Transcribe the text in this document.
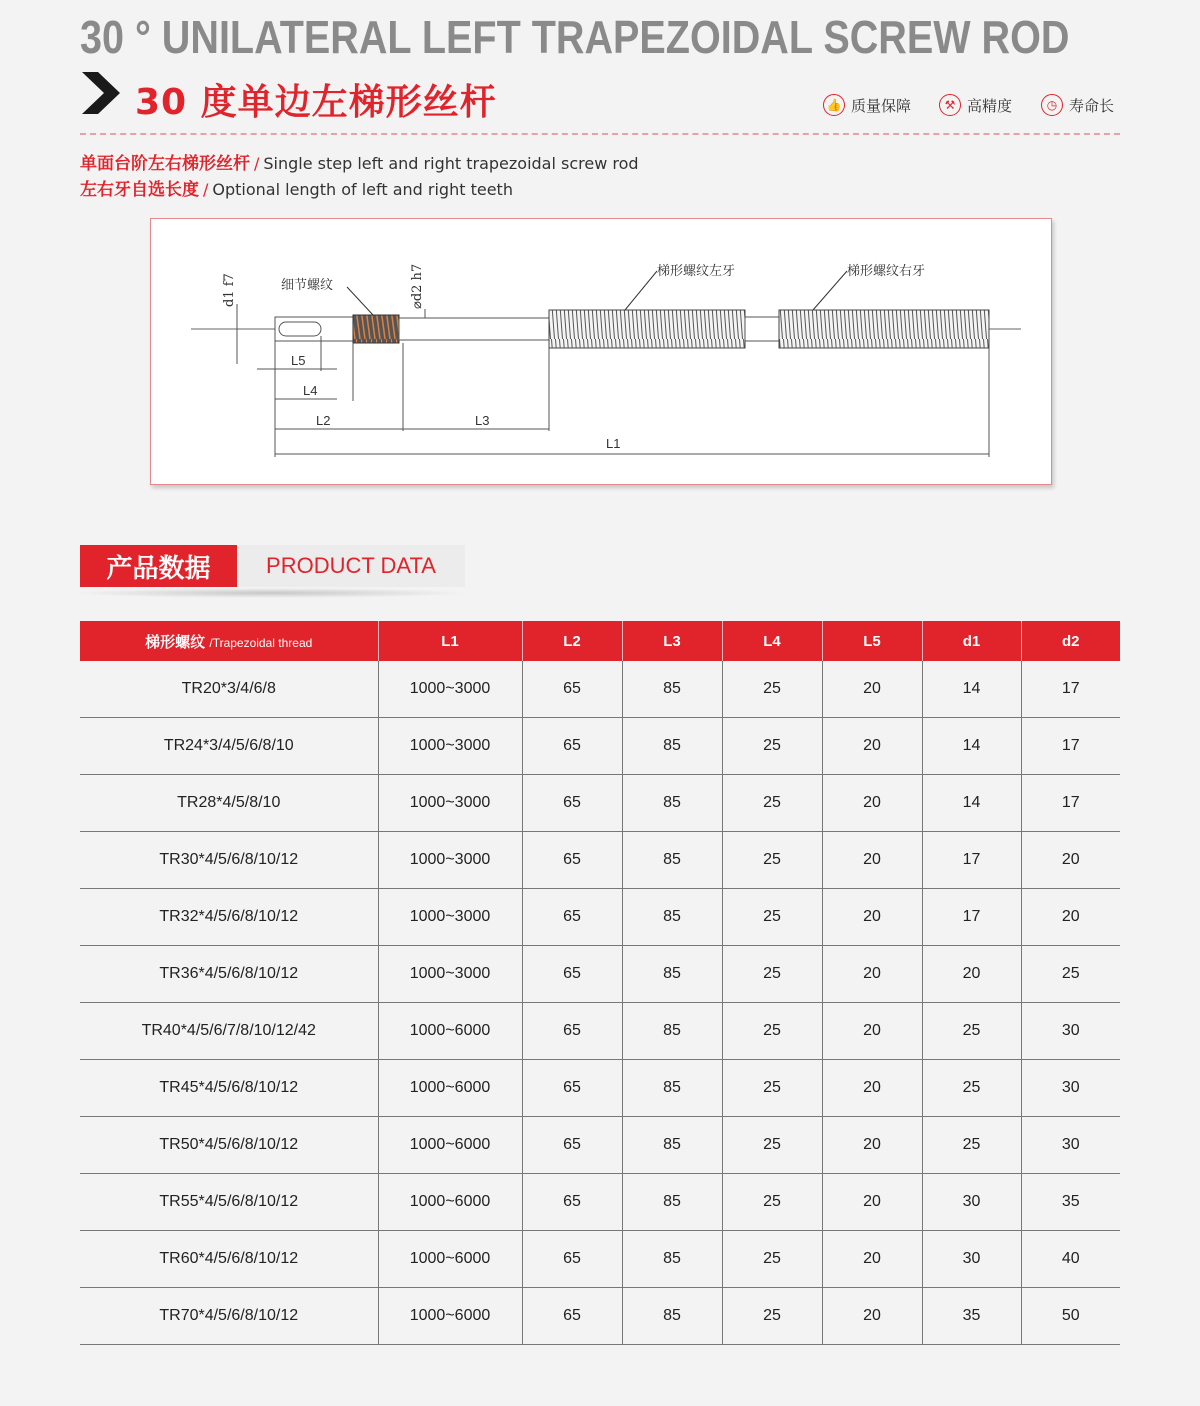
30 ° UNILATERAL LEFT TRAPEZOIDAL SCREW ROD
30 度单边左梯形丝杆	👍 质量保障	⚒ 高精度	◷ 寿命长
单面台阶左右梯形丝杆 / Single step left and right trapezoidal screw rod
左右牙自选长度 / Optional length of left and right teeth
d1 f7	⌀d2 h7
细节螺纹
梯形螺纹左牙	梯形螺纹右牙
L5
L4
L2	L3
L1
产品数据	PRODUCT DATA
梯形螺纹 /Trapezoidal thread	L1	L2	L3	L4	L5	d1	d2
TR20*3/4/6/8	1000~3000	65	85	25	20	14	17
TR24*3/4/5/6/8/10	1000~3000	65	85	25	20	14	17
TR28*4/5/8/10	1000~3000	65	85	25	20	14	17
TR30*4/5/6/8/10/12	1000~3000	65	85	25	20	17	20
TR32*4/5/6/8/10/12	1000~3000	65	85	25	20	17	20
TR36*4/5/6/8/10/12	1000~3000	65	85	25	20	20	25
TR40*4/5/6/7/8/10/12/42	1000~6000	65	85	25	20	25	30
TR45*4/5/6/8/10/12	1000~6000	65	85	25	20	25	30
TR50*4/5/6/8/10/12	1000~6000	65	85	25	20	25	30
TR55*4/5/6/8/10/12	1000~6000	65	85	25	20	30	35
TR60*4/5/6/8/10/12	1000~6000	65	85	25	20	30	40
TR70*4/5/6/8/10/12	1000~6000	65	85	25	20	35	50
